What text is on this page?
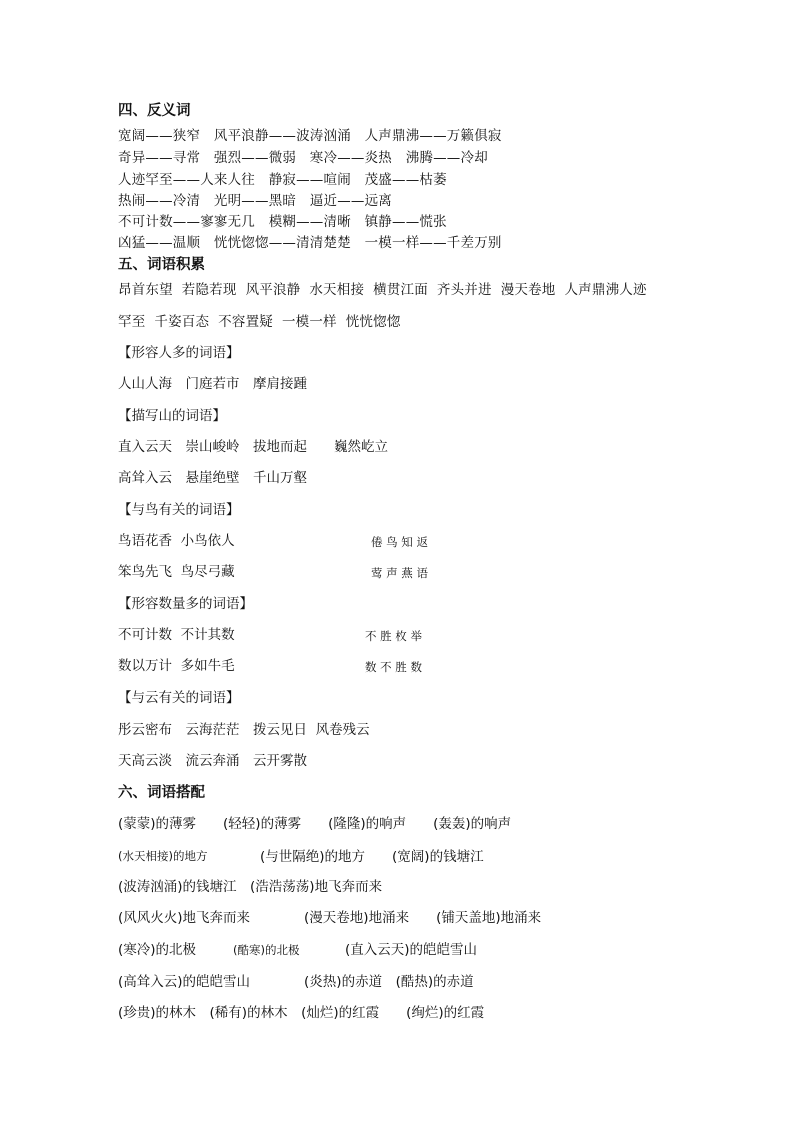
四、反义词
宽阔——狭窄　风平浪静——波涛汹涌　人声鼎沸——万籁俱寂
奇异——寻常　强烈——微弱　寒冷——炎热　沸腾——冷却
人迹罕至——人来人往　静寂——喧闹　茂盛——枯萎
热闹——冷清　光明——黑暗　逼近——远离
不可计数——寥寥无几　模糊——清晰　镇静——慌张
凶猛——温顺　恍恍惚惚——清清楚楚　一模一样——千差万别
五、词语积累
昂首东望  若隐若现  风平浪静  水天相接  横贯江面  齐头并进  漫天卷地  人声鼎沸人迹
罕至  千姿百态  不容置疑  一模一样  恍恍惚惚
【形容人多的词语】
人山人海　门庭若市　摩肩接踵
【描写山的词语】
直入云天　崇山峻岭　拔地而起　　巍然屹立
高耸入云　悬崖绝壁　千山万壑
【与鸟有关的词语】
鸟语花香  小鸟依人	倦 鸟 知 返
笨鸟先飞  鸟尽弓藏	莺 声 燕 语
【形容数量多的词语】
不可计数  不计其数	不 胜 枚 举
数以万计  多如牛毛	数 不 胜 数
【与云有关的词语】
彤云密布　云海茫茫　拨云见日  风卷残云
天高云淡　流云奔涌　云开雾散
六、词语搭配
(蒙蒙)的薄雾　　(轻轻)的薄雾　　(隆隆)的响声　　(轰轰)的响声
(水天相接)的地方	(与世隔绝)的地方　　(宽阔)的钱塘江
(波涛汹涌)的钱塘江　(浩浩荡荡)地飞奔而来
(风风火火)地飞奔而来　　　　(漫天卷地)地涌来　　(铺天盖地)地涌来
(寒冷)的北极	(酷寒)的北极	(直入云天)的皑皑雪山
(高耸入云)的皑皑雪山　　　　(炎热)的赤道　(酷热)的赤道
(珍贵)的林木　(稀有)的林木　(灿烂)的红霞　　(绚烂)的红霞
